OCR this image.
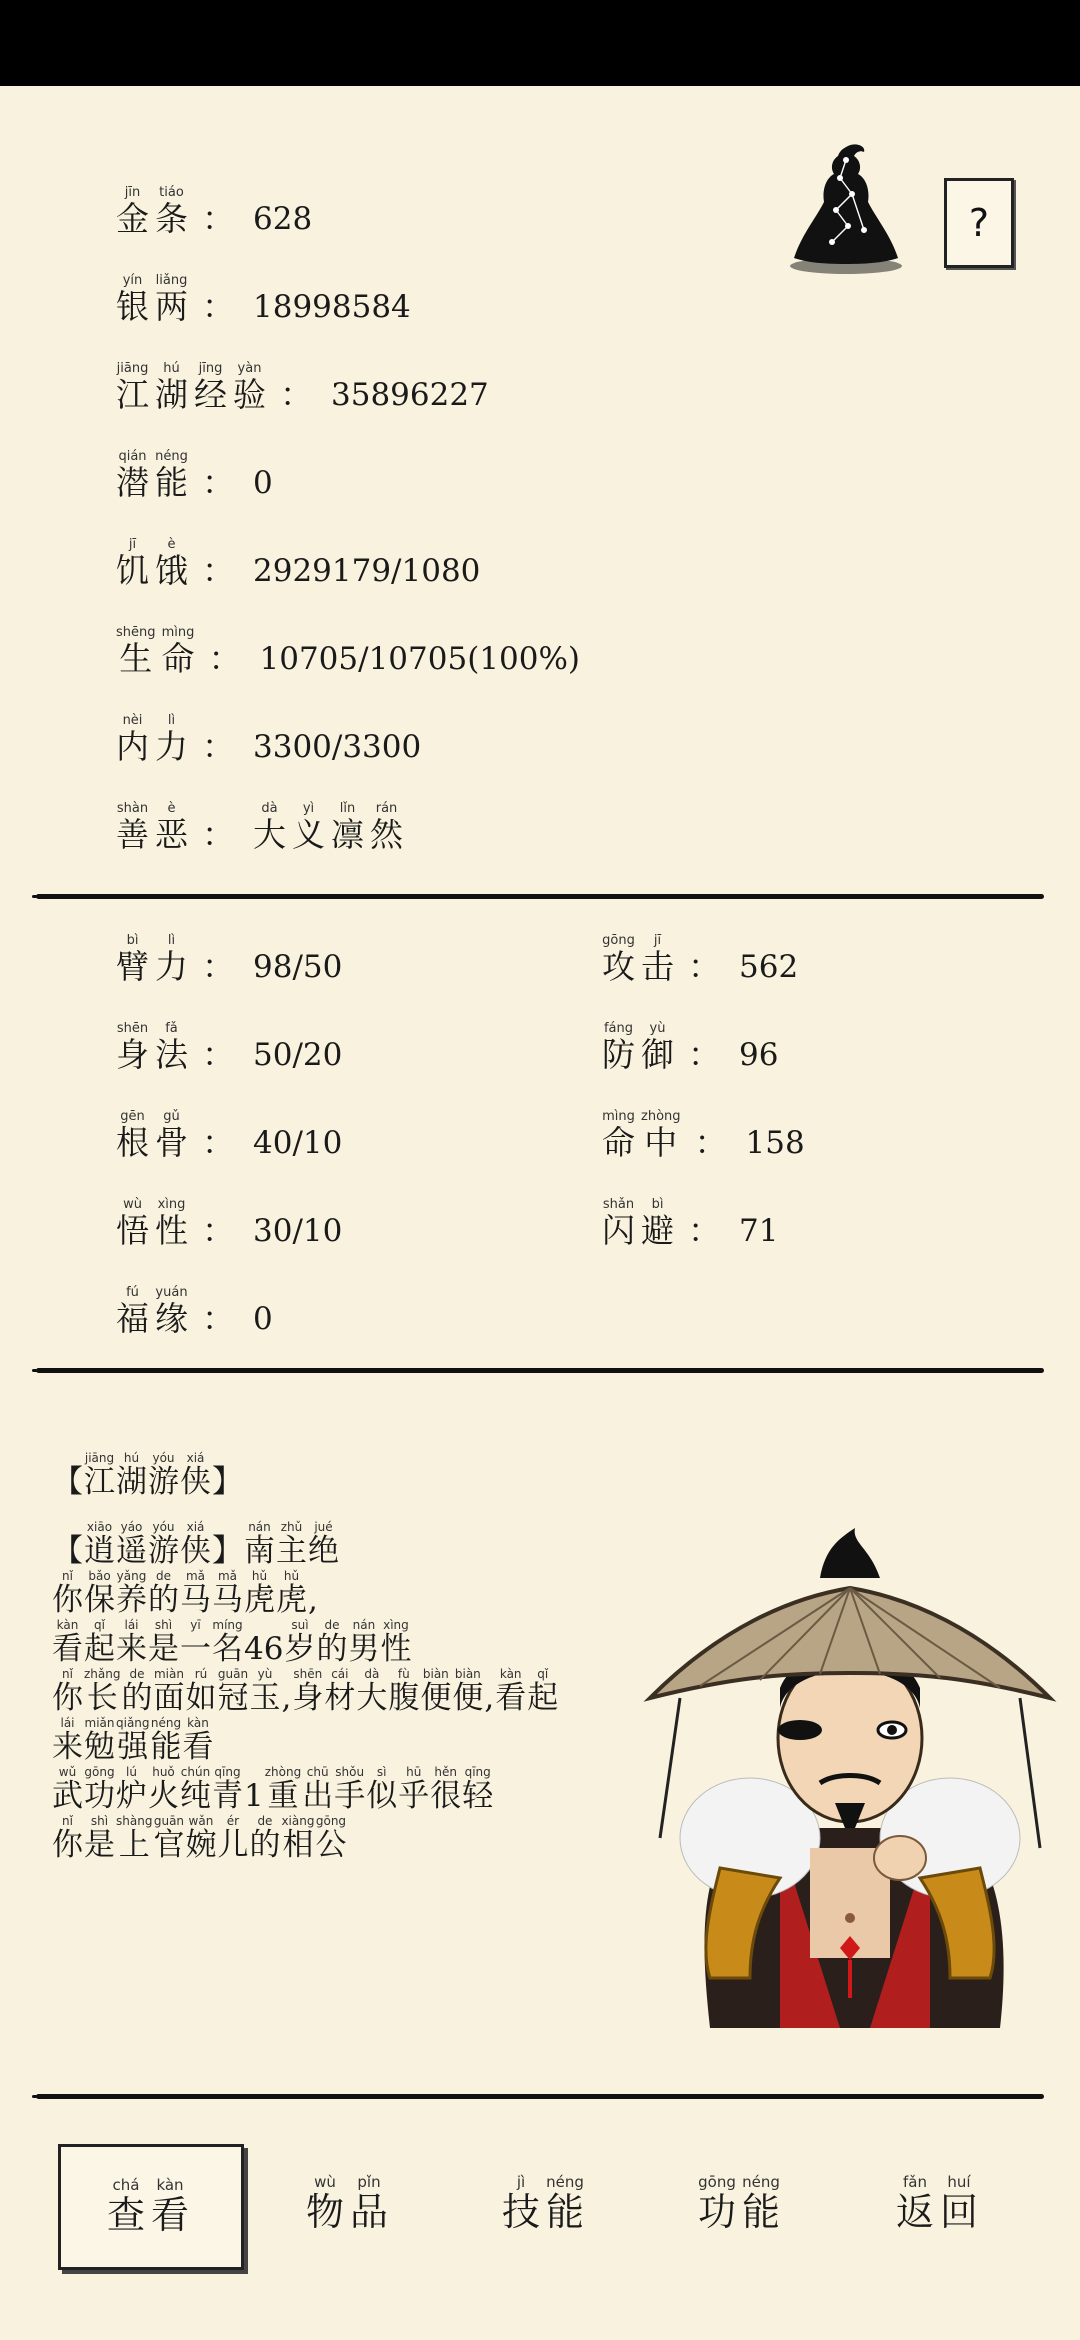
?
jīn
金
tiáo
条 ： 628
yín
银
liǎng
两 ： 18998584
jiāng
江
hú
湖
jīng
经
yàn
验 ： 35896227
qián
潜
néng
能 ： 0
jī
饥
è
饿 ： 2929179/1080
shēng
生
mìng
命 ： 10705/10705(100%)
nèi
内
lì
力 ： 3300/3300
shàn
善
è
恶 ：
dà
大
yì
义
lǐn
凛
rán
然
bì
臂
lì
力 ： 98/50
shēn
身
fǎ
法 ： 50/20
gēn
根
gǔ
骨 ： 40/10
wù
悟
xìng
性 ： 30/10
fú
福
yuán
缘 ： 0
gōng
攻
jī
击 ： 562
fáng
防
yù
御 ： 96
mìng
命
zhòng
中 ： 158
shǎn
闪
bì
避 ： 71
【
jiāng
江
hú
湖
yóu
游
xiá
侠 】
【
xiāo
逍
yáo
遥
yóu
游
xiá
侠 】
nán
南
zhǔ
主
jué
绝
nǐ
你
bǎo
保
yǎng
养
de
的
mǎ
马
mǎ
马
hǔ
虎
hǔ
虎 ,
kàn
看
qǐ
起
lái
来
shì
是
yī
一
míng
名 46
suì
岁
de
的
nán
男
xìng
性
nǐ
你
zhǎng
长
de
的
miàn
面
rú
如
guān
冠
yù
玉 ,
shēn
身
cái
材
dà
大
fù
腹
biàn
便
biàn
便 ,
kàn
看
qǐ
起
lái
来
miǎn
勉
qiǎng
强
néng
能
kàn
看
wǔ
武
gōng
功
lú
炉
huǒ
火
chún
纯
qīng
青 1
zhòng
重
chū
出
shǒu
手
sì
似
hū
乎
hěn
很
qīng
轻
nǐ
你
shì
是
shàng
上
guān
官
wǎn
婉
ér
儿
de
的
xiàng
相
gōng
公
chá
查
kàn
看
wù
物
pǐn
品
jì
技
néng
能
gōng
功
néng
能
fǎn
返
huí
回
